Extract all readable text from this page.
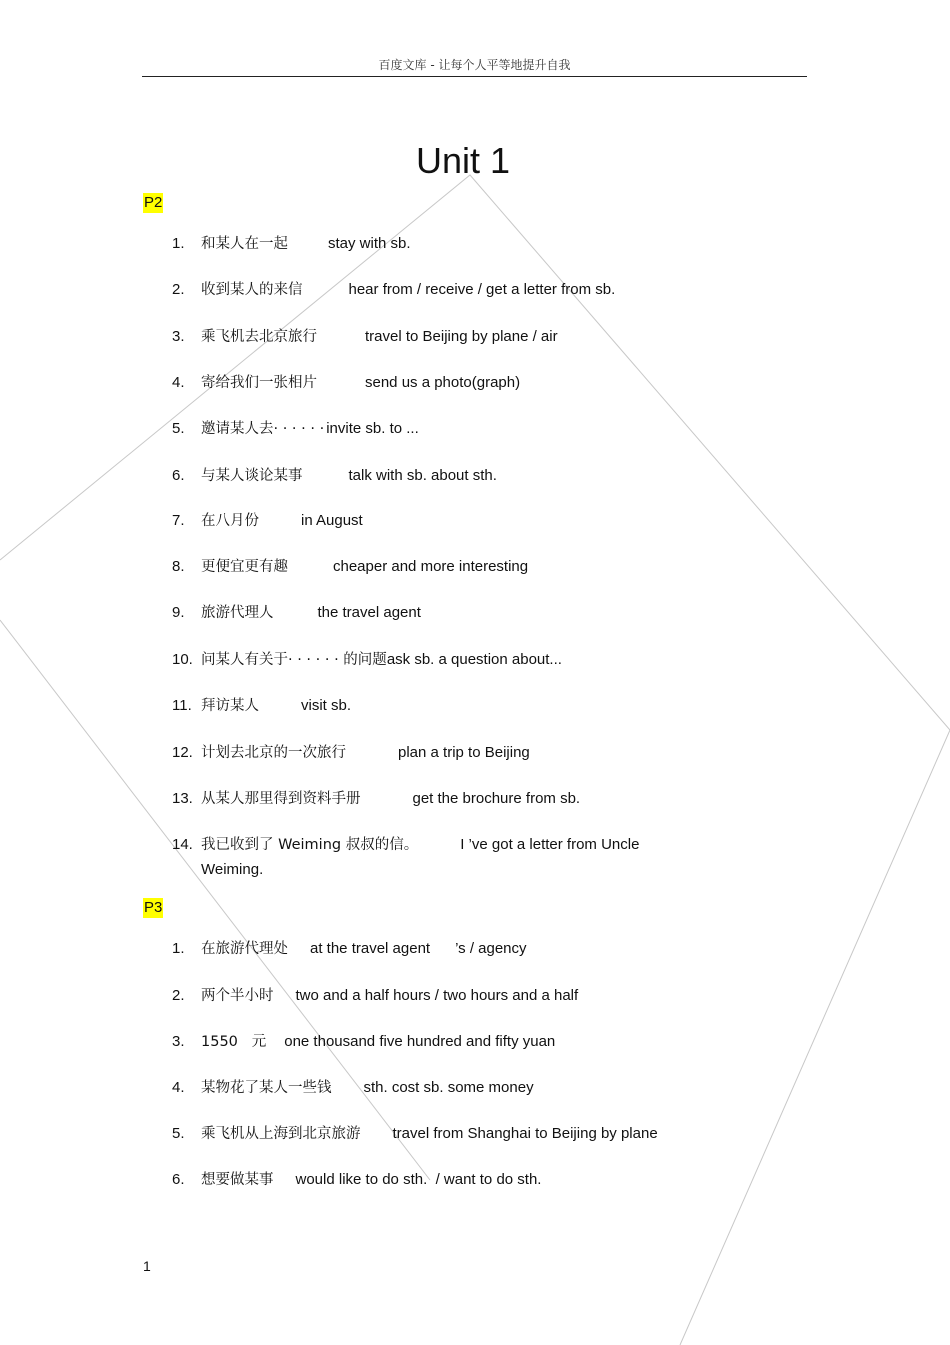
百度文库 - 让每个人平等地提升自我
Unit 1
P2
1. 和某人在一起	stay with sb.
2. 收到某人的来信	hear from / receive / get a letter from sb.
3. 乘飞机去北京旅行	travel to Beijing by plane / air
4. 寄给我们一张相片	send us a photo(graph)
5. 邀请某人去· · · · · · invite sb. to ...
6. 与某人谈论某事	talk with sb. about sth.
7. 在八月份	in August
8. 更便宜更有趣	cheaper and more interesting
9. 旅游代理人	the travel agent
10. 问某人有关于· · · · · · 的问题ask sb. a question about...
11. 拜访某人	visit sb.
12. 计划去北京的一次旅行	plan a trip to Beijing
13. 从某人那里得到资料手册	get the brochure from sb.
14. 我已收到了 Weiming 叔叔的信。	I ’ve got a letter from Uncle
Weiming.
P3
1. 在旅游代理处 at the travel agent      ’s / agency
2. 两个半小时 two and a half hours / two hours and a half
3. 1550   元 one thousand five hundred and fifty yuan
4. 某物花了某人一些钱 sth. cost sb. some money
5. 乘飞机从上海到北京旅游 travel from Shanghai to Beijing by plane
6. 想要做某事 would like to do sth.  / want to do sth.
1
